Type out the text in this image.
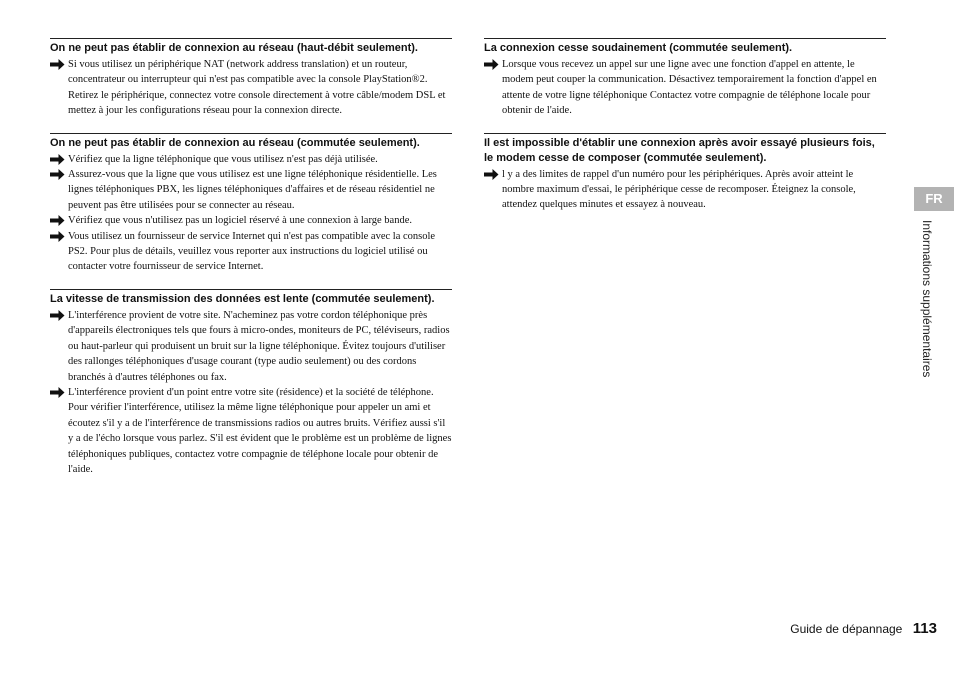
On ne peut pas établir de connexion au réseau (haut-débit seulement).
Si vous utilisez un périphérique NAT (network address translation) et un routeur, concentrateur ou interrupteur qui n'est pas compatible avec la console PlayStation®2. Retirez le périphérique, connectez votre console directement à votre câble/modem DSL et mettez à jour les configurations réseau pour la connexion directe.
On ne peut pas établir de connexion au réseau (commutée seulement).
Vérifiez que la ligne téléphonique que vous utilisez n'est pas déjà utilisée.
Assurez-vous que la ligne que vous utilisez est une ligne téléphonique résidentielle. Les lignes téléphoniques PBX, les lignes téléphoniques d'affaires et de réseau résidentiel ne peuvent pas être utilisées pour se connecter au réseau.
Vérifiez que vous n'utilisez pas un logiciel réservé à une connexion à large bande.
Vous utilisez un fournisseur de service Internet qui n'est pas compatible avec la console PS2. Pour plus de détails, veuillez vous reporter aux instructions du logiciel utilisé ou contacter votre fournisseur de service Internet.
La vitesse de transmission des données est lente (commutée seulement).
L'interférence provient de votre site. N'acheminez pas votre cordon téléphonique près d'appareils électroniques tels que fours à micro-ondes, moniteurs de PC, téléviseurs, radios ou haut-parleur qui produisent un bruit sur la ligne téléphonique. Évitez toujours d'utiliser des rallonges téléphoniques d'usage courant (type audio seulement) ou des cordons branchés à d'autres téléphones ou fax.
L'interférence provient d'un point entre votre site (résidence) et la société de téléphone. Pour vérifier l'interférence, utilisez la même ligne téléphonique pour appeler un ami et écoutez s'il y a de l'interférence de transmissions radios ou autres bruits. Vérifiez aussi s'il y a de l'écho lorsque vous parlez. S'il est évident que le problème est un problème de lignes téléphoniques publiques, contactez votre compagnie de téléphone locale pour obtenir de l'aide.
La connexion cesse soudainement (commutée seulement).
Lorsque vous recevez un appel sur une ligne avec une fonction d'appel en attente, le modem peut couper la communication. Désactivez temporairement la fonction d'appel en attente de votre ligne téléphonique Contactez votre compagnie de téléphone locale pour obtenir de l'aide.
Il est impossible d'établir une connexion après avoir essayé plusieurs fois, le modem cesse de composer (commutée seulement).
l y a des limites de rappel d'un numéro pour les périphériques. Après avoir atteint le nombre maximum d'essai, le périphérique cesse de recomposer. Éteignez la console, attendez quelques minutes et essayez à nouveau.	FR
Informations supplémentaires
Guide de dépannage 113
